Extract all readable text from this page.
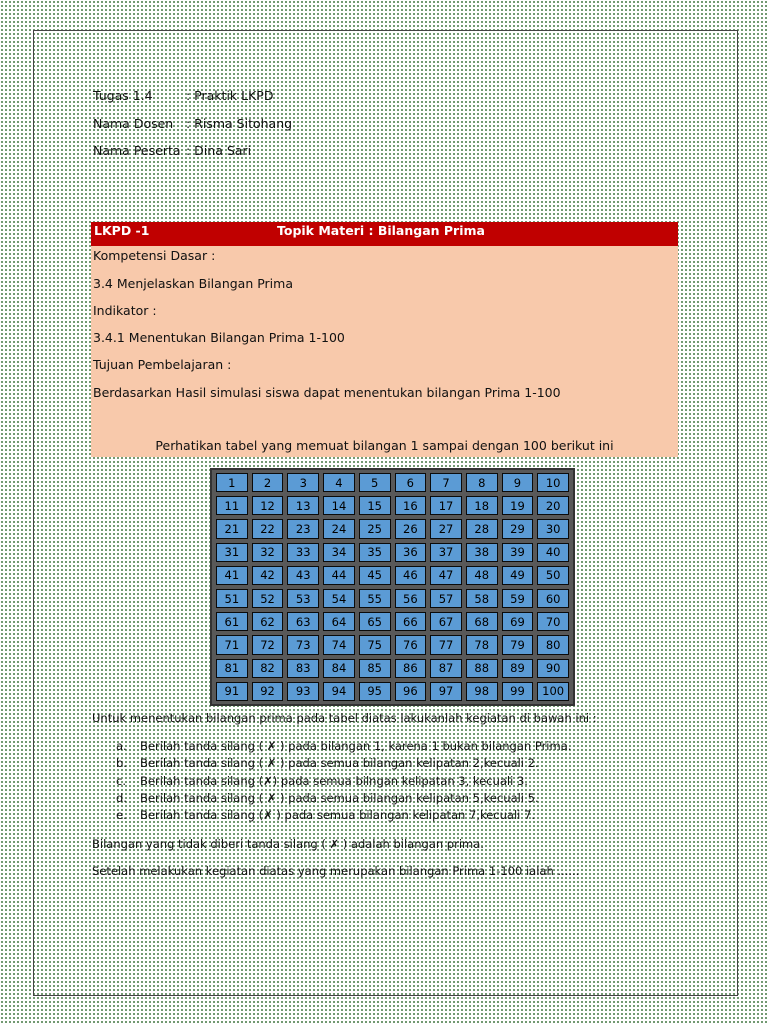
Tugas 1.4	: Praktik LKPD
Nama Dosen : Risma Sitohang
Nama Peserta : Dina Sari
LKPD -1	Topik Materi : Bilangan Prima
Kompetensi Dasar :
3.4 Menjelaskan Bilangan Prima
Indikator :
3.4.1 Menentukan Bilangan Prima 1-100
Tujuan Pembelajaran :
Berdasarkan Hasil simulasi siswa dapat menentukan bilangan Prima 1-100
Perhatikan tabel yang memuat bilangan 1 sampai dengan 100 berikut ini
1	2	3	4	5	6	7	8	9	10
11	12	13	14	15	16	17	18	19	20
21	22	23	24	25	26	27	28	29	30
31	32	33	34	35	36	37	38	39	40
41	42	43	44	45	46	47	48	49	50
51	52	53	54	55	56	57	58	59	60
61	62	63	64	65	66	67	68	69	70
71	72	73	74	75	76	77	78	79	80
81	82	83	84	85	86	87	88	89	90
91	92	93	94	95	96	97	98	99	100
Untuk menentukan bilangan prima pada tabel diatas lakukanlah kegiatan di bawah ini :
a. Berilah tanda silang ( ✗ ) pada bilangan 1, karena 1 bukan bilangan Prima.
b. Berilah tanda silang ( ✗ ) pada semua bilangan kelipatan 2,kecuali 2.
c. Berilah tanda silang (✗) pada semua bilngan kelipatan 3, kecuali 3.
d. Berilah tanda silang ( ✗ ) pada semua bilangan kelipatan 5,kecuali 5.
e. Berilah tanda silang (✗ ) pada semua bilangan kelipatan 7,kecuali 7.
Bilangan yang tidak diberi tanda silang ( ✗ ) adalah bilangan prima.
Setelah melakukan kegiatan diatas yang merupakan bilangan Prima 1-100 ialah ......
